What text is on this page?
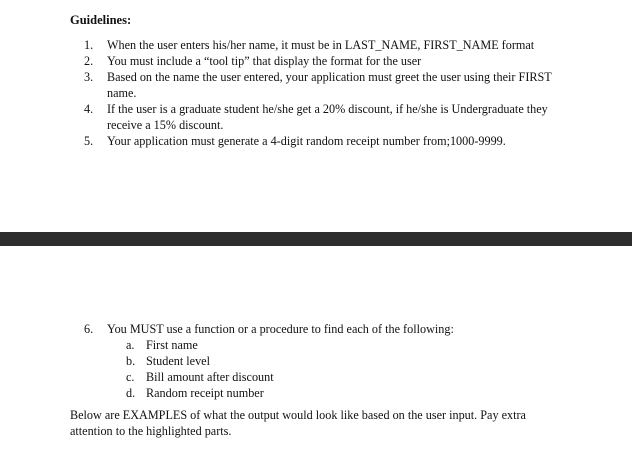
Guidelines:
1.	When the user enters his/her name, it must be in LAST_NAME, FIRST_NAME format
2.	You must include a “tool tip” that display the format for the user
3.	Based on the name the user entered, your application must greet the user using their FIRST name.
4.	If the user is a graduate student he/she get a 20% discount, if he/she is Undergraduate they receive a 15% discount.
5.	Your application must generate a 4-digit random receipt number from;1000-9999.
6.	You MUST use a function or a procedure to find each of the following:
a. First name
b. Student level
c. Bill amount after discount
d. Random receipt number
Below are EXAMPLES of what the output would look like based on the user input. Pay extra attention to the highlighted parts.
